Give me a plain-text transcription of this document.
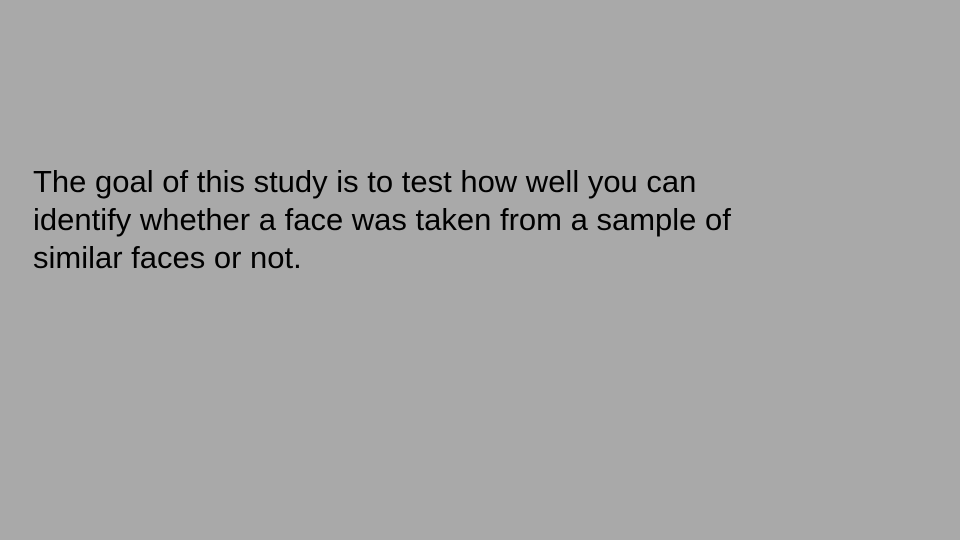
The goal of this study is to test how well you can
identify whether a face was taken from a sample of
similar faces or not.
